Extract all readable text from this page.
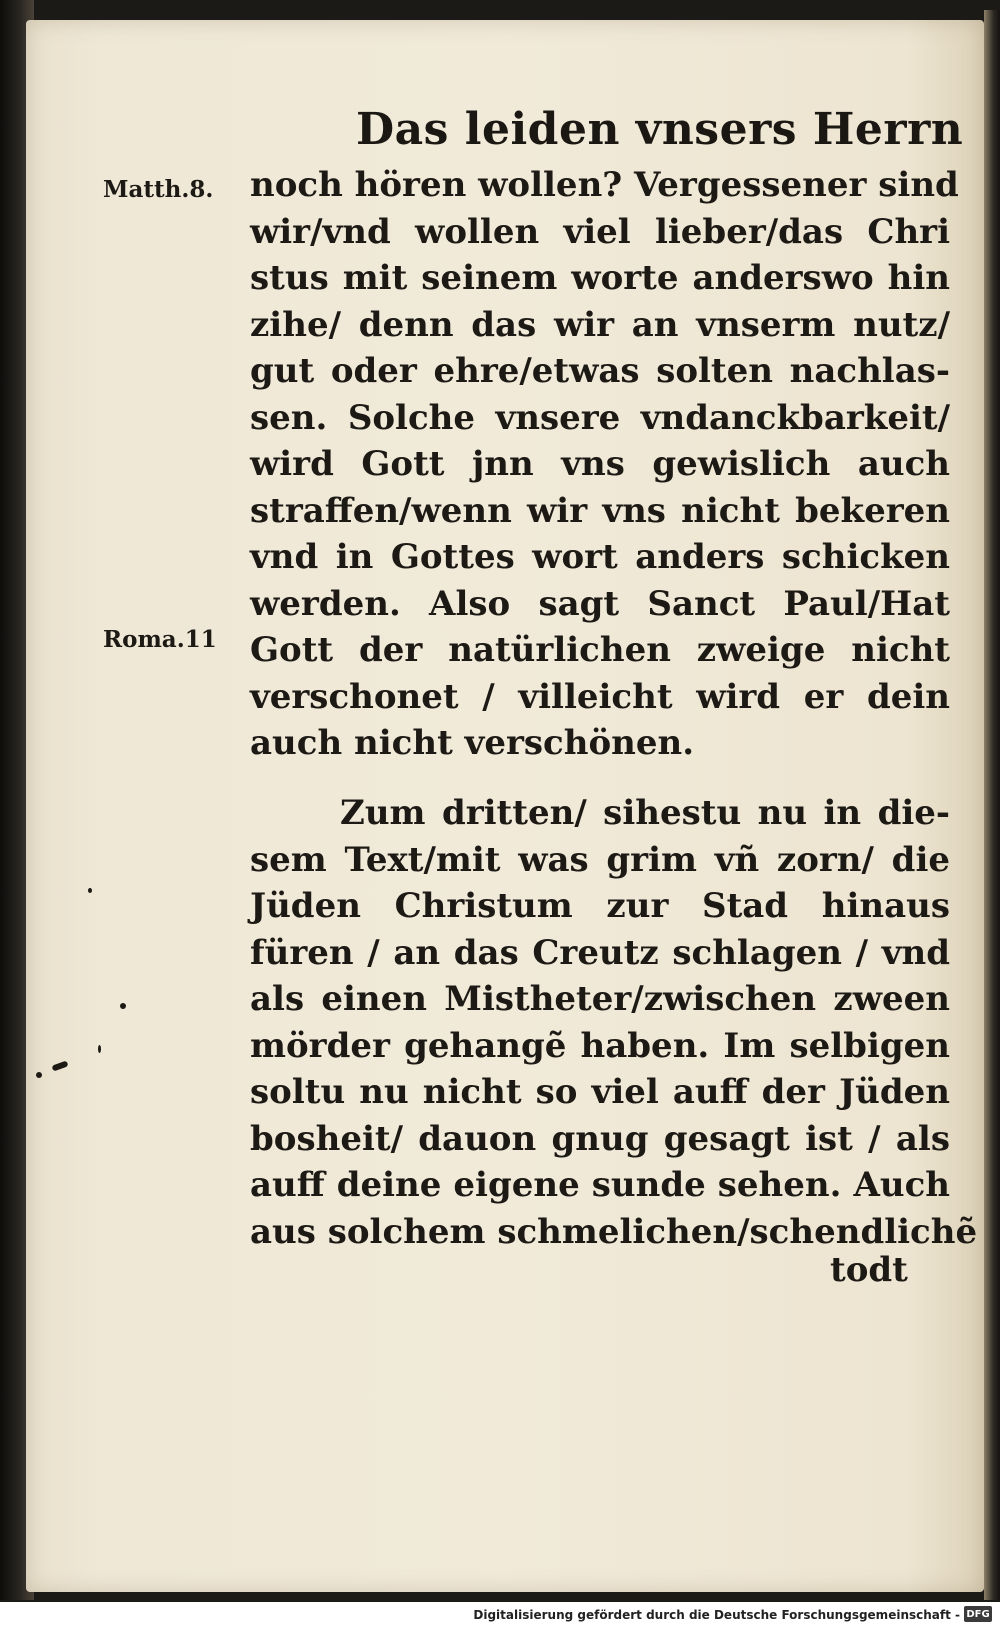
Das leiden vnsers Herrn
Matth.8.
Roma.11
noch hören wollen? Vergessener sind
wir/vnd wollen viel lieber/das Chri
stus mit seinem worte anderswo hin
zihe/ denn das wir an vnserm nutz/
gut oder ehre/etwas solten nachlas-
sen. Solche vnsere vndanckbarkeit/
wird Gott jnn vns gewislich auch
straffen/wenn wir vns nicht bekeren
vnd in Gottes wort anders schicken
werden. Also sagt Sanct Paul/Hat
Gott der natürlichen zweige nicht
verschonet / villeicht wird er dein
auch nicht verschönen.
Zum dritten/ sihestu nu in die-
sem Text/mit was grim vñ zorn/ die
Jüden Christum zur Stad hinaus
füren / an das Creutz schlagen / vnd
als einen Mistheter/zwischen zween
mörder gehangẽ haben. Im selbigen
soltu nu nicht so viel auff der Jüden
bosheit/ dauon gnug gesagt ist / als
auff deine eigene sunde sehen. Auch
aus solchem schmelichen/schendlichẽ
todt
Digitalisierung gefördert durch die Deutsche Forschungsgemeinschaft - DFG
